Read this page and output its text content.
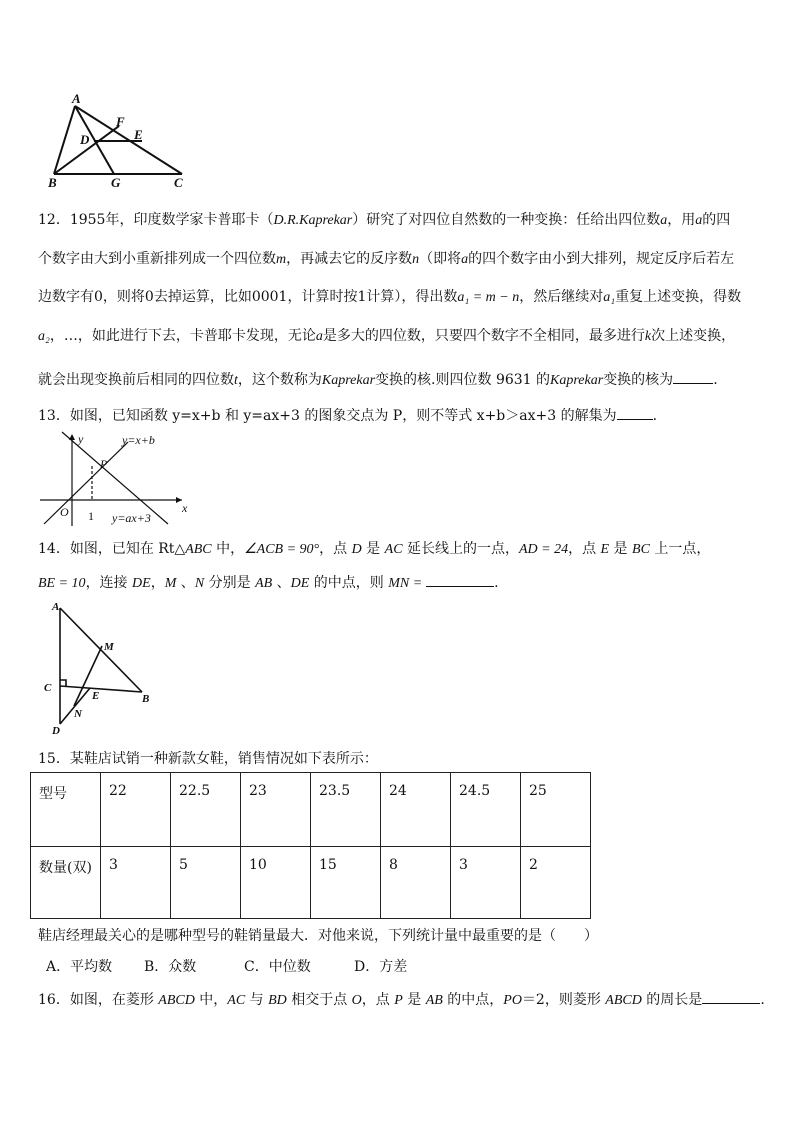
A
F
E
D
B	G	C
12．1955年，印度数学家卡普耶卡（D.R.Kaprekar）研究了对四位自然数的一种变换：任给出四位数a，用a的四
个数字由大到小重新排列成一个四位数m，再减去它的反序数n（即将a的四个数字由小到大排列，规定反序后若左
边数字有0，则将0去掉运算，比如0001，计算时按1计算），得出数a₁ = m − n，然后继续对a₁重复上述变换，得数
a₂，…，如此进行下去，卡普耶卡发现，无论a是多大的四位数，只要四个数字不全相同，最多进行k次上述变换，
就会出现变换前后相同的四位数t，这个数称为Kaprekar变换的核.则四位数 9631 的Kaprekar变换的核为	.
13．如图，已知函数 y=x+b 和 y=ax+3 的图象交点为 P，则不等式 x+b＞ax+3 的解集为	.
y
x
O
P
y=x+b
y=ax+3
1
14．如图，已知在 Rt△ABC 中，∠ACB = 90°，点 D 是 AC 延长线上的一点，AD = 24，点 E 是 BC 上一点，
BE = 10，连接 DE，M 、N 分别是 AB 、DE 的中点，则 MN =	.
A
M
C
E	B
N
D
15．某鞋店试销一种新款女鞋，销售情况如下表所示：
型号	22	22.5	23	23.5	24	24.5	25
数量(双)	3	5	10	15	8	3	2
鞋店经理最关心的是哪种型号的鞋销量最大．对他来说，下列统计量中最重要的是（　　）
A．平均数 B．众数	C．中位数	D．方差
16．如图，在菱形 ABCD 中，AC 与 BD 相交于点 O，点 P 是 AB 的中点，PO＝2，则菱形 ABCD 的周长是	.
